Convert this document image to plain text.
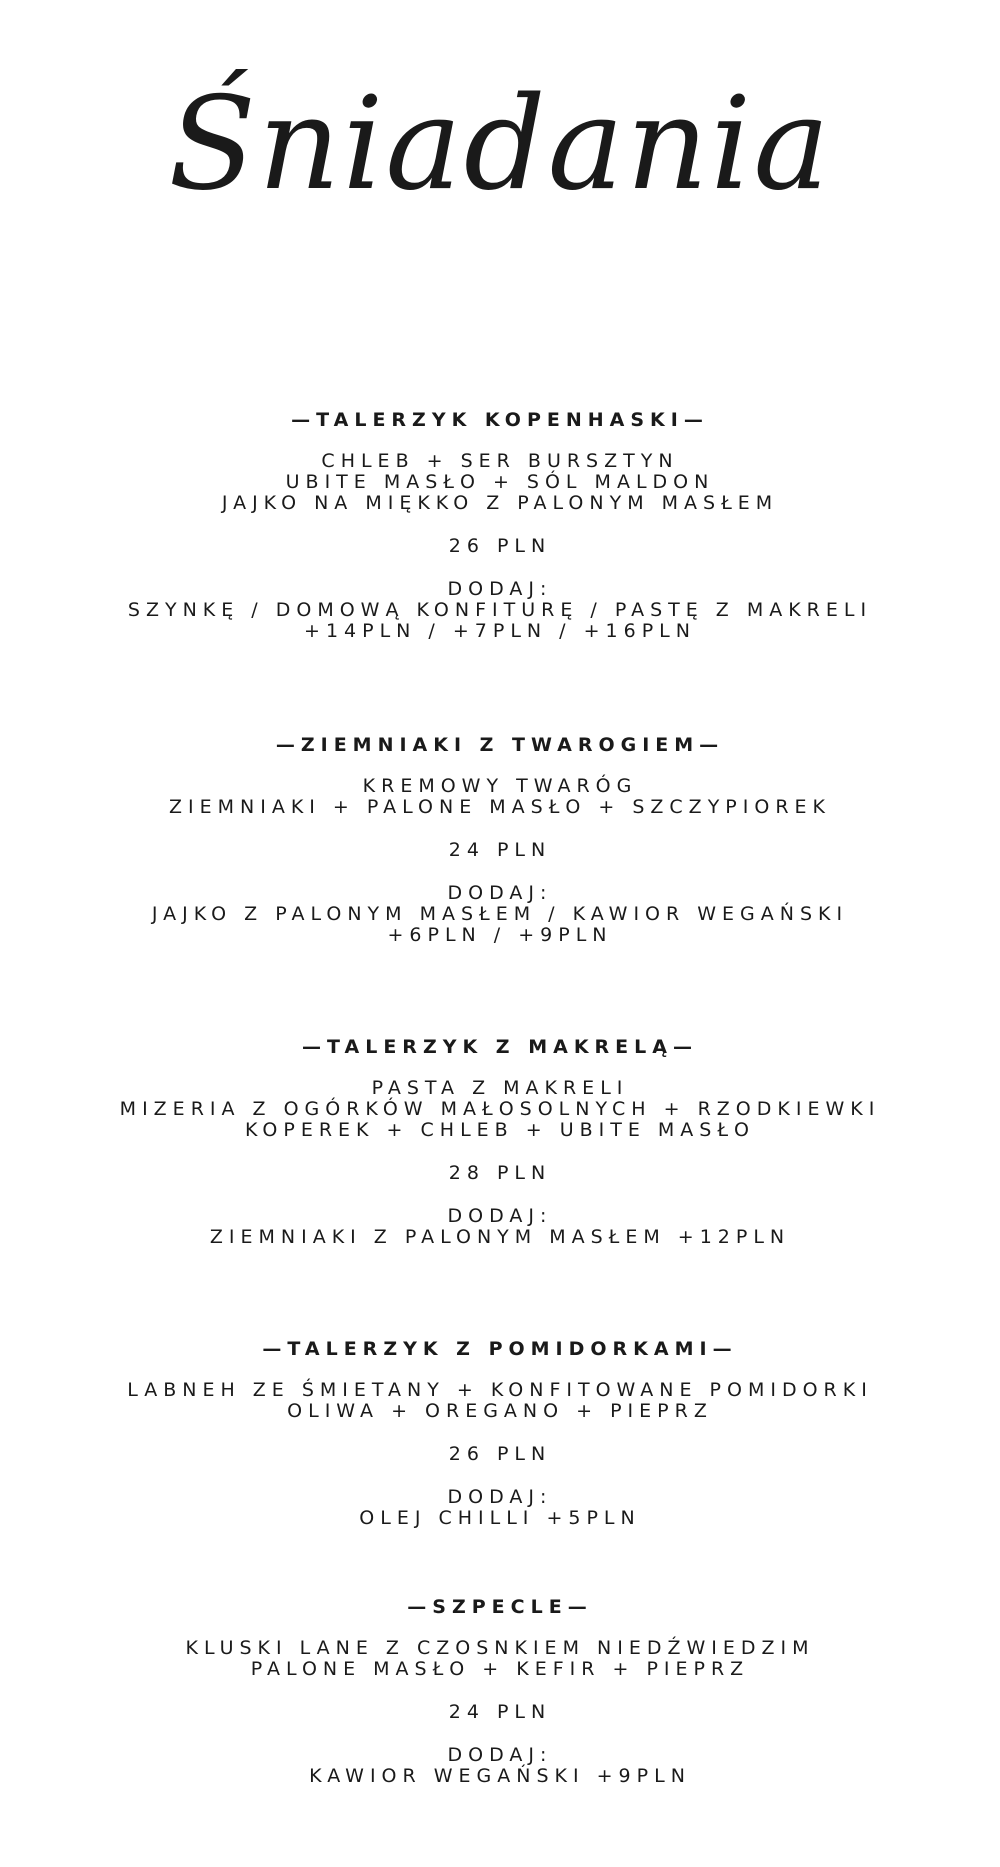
Śniadania
—TALERZYK KOPENHASKI—
CHLEB + SER BURSZTYN
UBITE MASŁO + SÓL MALDON
JAJKO NA MIĘKKO Z PALONYM MASŁEM
26 PLN
DODAJ:
SZYNKĘ / DOMOWĄ KONFITURĘ / PASTĘ Z MAKRELI
+14PLN / +7PLN / +16PLN
—ZIEMNIAKI Z TWAROGIEM—
KREMOWY TWARÓG
ZIEMNIAKI + PALONE MASŁO + SZCZYPIOREK
24 PLN
DODAJ:
JAJKO Z PALONYM MASŁEM / KAWIOR WEGAŃSKI
+6PLN / +9PLN
—TALERZYK Z MAKRELĄ—
PASTA Z MAKRELI
MIZERIA Z OGÓRKÓW MAŁOSOLNYCH + RZODKIEWKI
KOPEREK + CHLEB + UBITE MASŁO
28 PLN
DODAJ:
ZIEMNIAKI Z PALONYM MASŁEM +12PLN
—TALERZYK Z POMIDORKAMI—
LABNEH ZE ŚMIETANY + KONFITOWANE POMIDORKI
OLIWA + OREGANO + PIEPRZ
26 PLN
DODAJ:
OLEJ CHILLI +5PLN
—SZPECLE—
KLUSKI LANE Z CZOSNKIEM NIEDŹWIEDZIM
PALONE MASŁO + KEFIR + PIEPRZ
24 PLN
DODAJ:
KAWIOR WEGAŃSKI +9PLN
